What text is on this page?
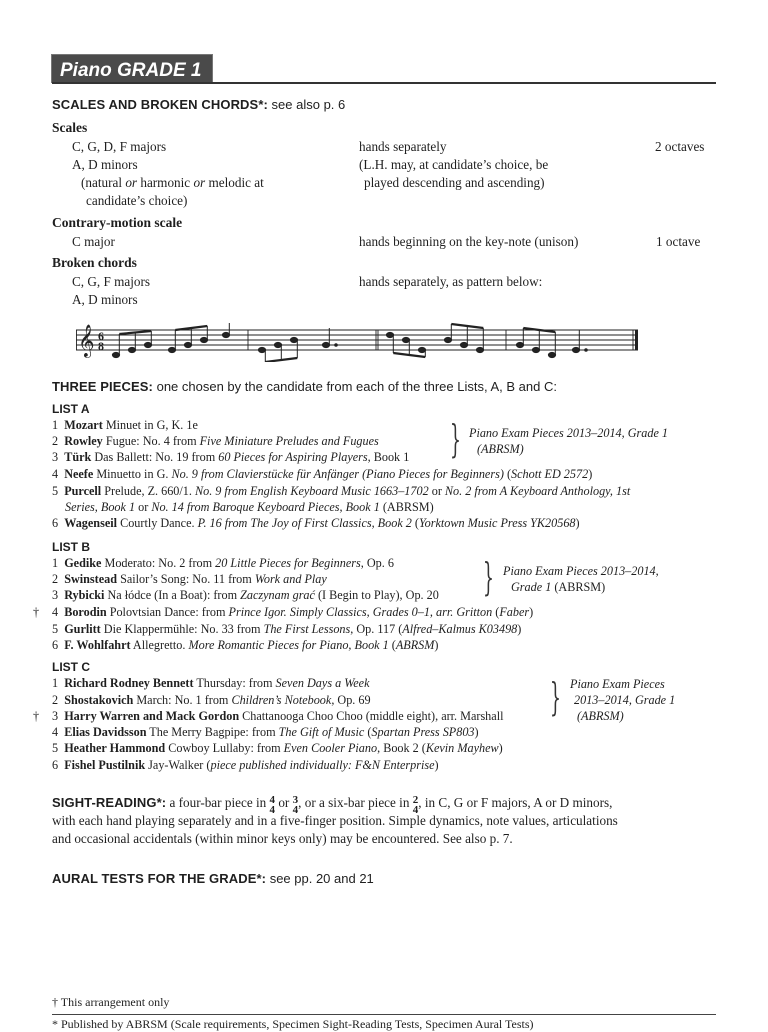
Piano GRADE 1
SCALES AND BROKEN CHORDS*: see also p. 6
Scales
C, G, D, F majors	hands separately	2 octaves
A, D minors	(L.H. may, at candidate’s choice, be
(natural or harmonic or melodic at	played descending and ascending)
candidate’s choice)
Contrary-motion scale
C major	hands beginning on the key-note (unison)	1 octave
Broken chords
C, G, F majors	hands separately, as pattern below:
A, D minors
𝄞 6
8
THREE PIECES: one chosen by the candidate from each of the three Lists, A, B and C:
LIST A
1 Mozart Minuet in G, K. 1e
2 Rowley Fugue: No. 4 from Five Miniature Preludes and Fugues
3 Türk Das Ballett: No. 19 from 60 Pieces for Aspiring Players, Book 1 } Piano Exam Pieces 2013–2014, Grade 1
(ABRSM)
4 Neefe Minuetto in G. No. 9 from Clavierstücke für Anfänger (Piano Pieces for Beginners) (Schott ED 2572)
5 Purcell Prelude, Z. 660/1. No. 9 from English Keyboard Music 1663–1702 or No. 2 from A Keyboard Anthology, 1st
Series, Book 1 or No. 14 from Baroque Keyboard Pieces, Book 1 (ABRSM)
6 Wagenseil Courtly Dance. P. 16 from The Joy of First Classics, Book 2 (Yorktown Music Press YK20568)
LIST B
1 Gedike Moderato: No. 2 from 20 Little Pieces for Beginners, Op. 6
2 Swinstead Sailor’s Song: No. 11 from Work and Play
3 Rybicki Na łódce (In a Boat): from Zaczynam grać (I Begin to Play), Op. 20 } Piano Exam Pieces 2013–2014,
Grade 1 (ABRSM)
† 4 Borodin Polovtsian Dance: from Prince Igor. Simply Classics, Grades 0–1, arr. Gritton (Faber)
5 Gurlitt Die Klappermühle: No. 33 from The First Lessons, Op. 117 (Alfred–Kalmus K03498)
6 F. Wohlfahrt Allegretto. More Romantic Pieces for Piano, Book 1 (ABRSM)
LIST C
1 Richard Rodney Bennett Thursday: from Seven Days a Week
2 Shostakovich March: No. 1 from Children’s Notebook, Op. 69
† 3 Harry Warren and Mack Gordon Chattanooga Choo Choo (middle eight), arr. Marshall } Piano Exam Pieces
2013–2014, Grade 1
(ABRSM)
4 Elias Davidsson The Merry Bagpipe: from The Gift of Music (Spartan Press SP803)
5 Heather Hammond Cowboy Lullaby: from Even Cooler Piano, Book 2 (Kevin Mayhew)
6 Fishel Pustilnik Jay-Walker (piece published individually: F&N Enterprise)
SIGHT-READING*: a four-bar piece in 4
4 or 3
4 , or a six-bar piece in 2
4 , in C, G or F majors, A or D minors,
with each hand playing separately and in a five-finger position. Simple dynamics, note values, articulations
and occasional accidentals (within minor keys only) may be encountered. See also p. 7.
AURAL TESTS FOR THE GRADE*: see pp. 20 and 21
† This arrangement only
* Published by ABRSM (Scale requirements, Specimen Sight-Reading Tests, Specimen Aural Tests)
